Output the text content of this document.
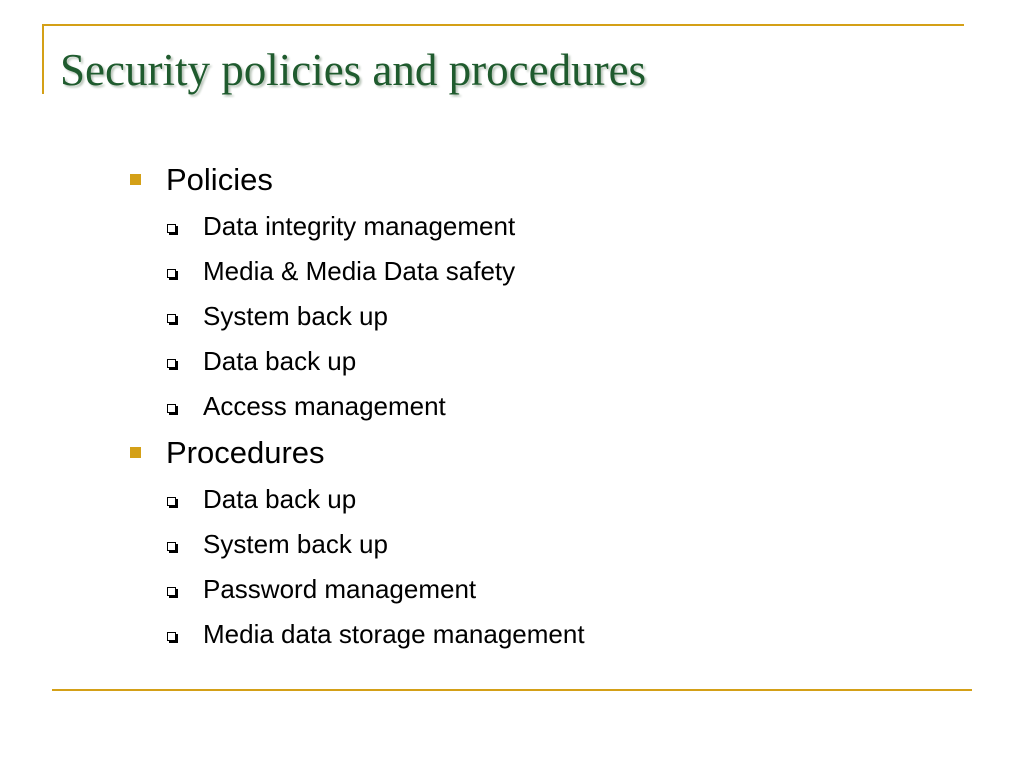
Security policies and procedures
Policies
Data integrity management
Media & Media Data safety
System back up
Data back up
Access management
Procedures
Data back up
System back up
Password management
Media data storage management
